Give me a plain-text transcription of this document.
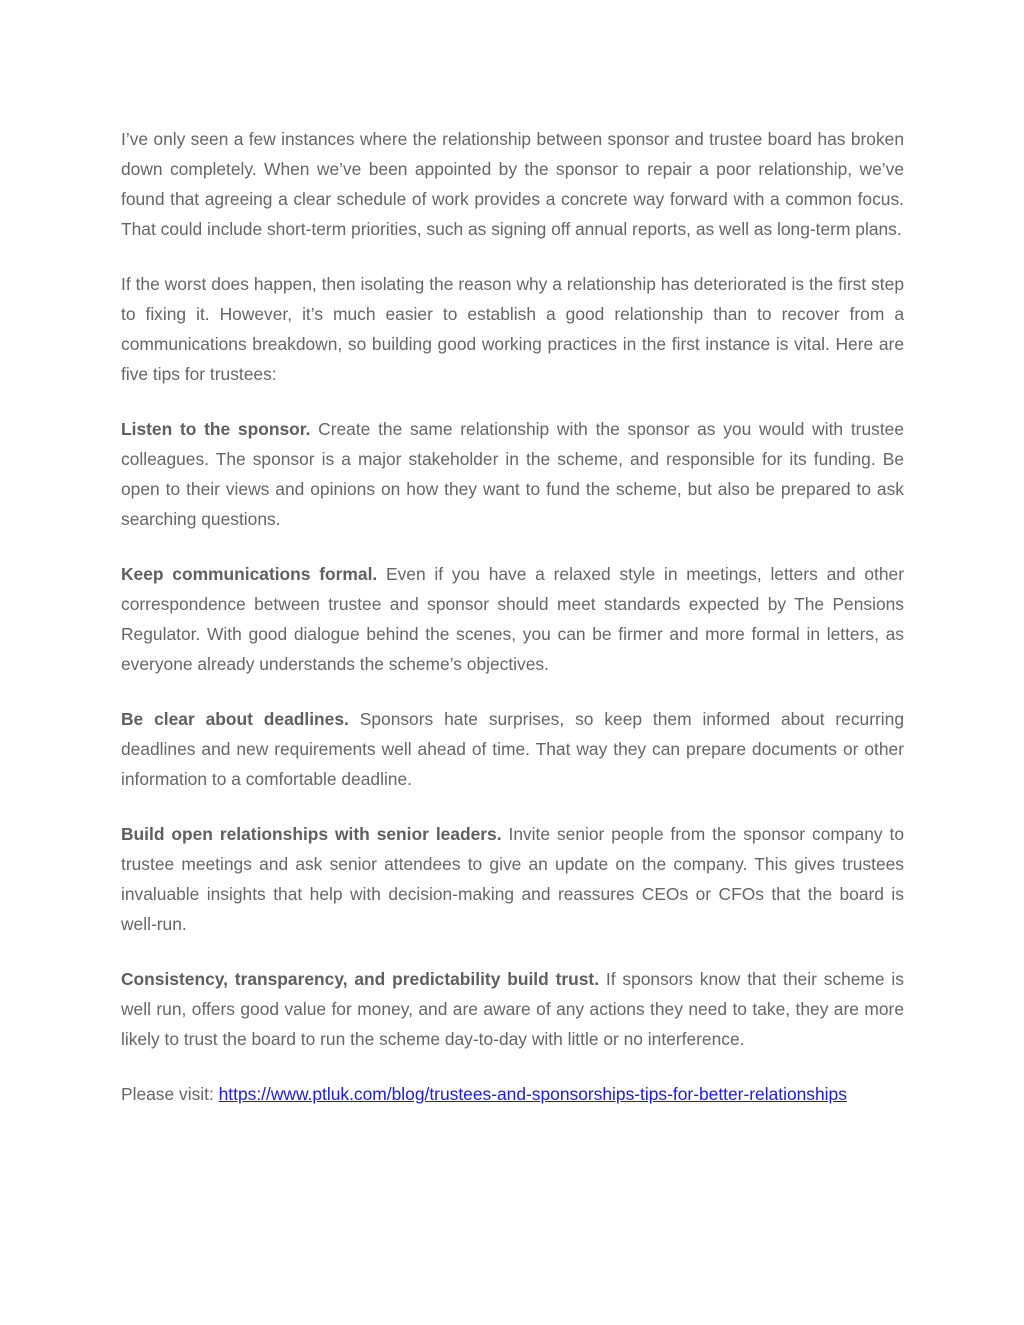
I’ve only seen a few instances where the relationship between sponsor and trustee board has broken down completely. When we’ve been appointed by the sponsor to repair a poor relationship, we’ve found that agreeing a clear schedule of work provides a concrete way forward with a common focus. That could include short-term priorities, such as signing off annual reports, as well as long-term plans.

If the worst does happen, then isolating the reason why a relationship has deteriorated is the first step to fixing it. However, it’s much easier to establish a good relationship than to recover from a communications breakdown, so building good working practices in the first instance is vital. Here are five tips for trustees:

Listen to the sponsor. Create the same relationship with the sponsor as you would with trustee colleagues. The sponsor is a major stakeholder in the scheme, and responsible for its funding. Be open to their views and opinions on how they want to fund the scheme, but also be prepared to ask searching questions.

Keep communications formal. Even if you have a relaxed style in meetings, letters and other correspondence between trustee and sponsor should meet standards expected by The Pensions Regulator. With good dialogue behind the scenes, you can be firmer and more formal in letters, as everyone already understands the scheme’s objectives.

Be clear about deadlines. Sponsors hate surprises, so keep them informed about recurring deadlines and new requirements well ahead of time. That way they can prepare documents or other information to a comfortable deadline.

Build open relationships with senior leaders. Invite senior people from the sponsor company to trustee meetings and ask senior attendees to give an update on the company. This gives trustees invaluable insights that help with decision-making and reassures CEOs or CFOs that the board is well-run.

Consistency, transparency, and predictability build trust. If sponsors know that their scheme is well run, offers good value for money, and are aware of any actions they need to take, they are more likely to trust the board to run the scheme day-to-day with little or no interference.

Please visit: https://www.ptluk.com/blog/trustees-and-sponsorships-tips-for-better-relationships
